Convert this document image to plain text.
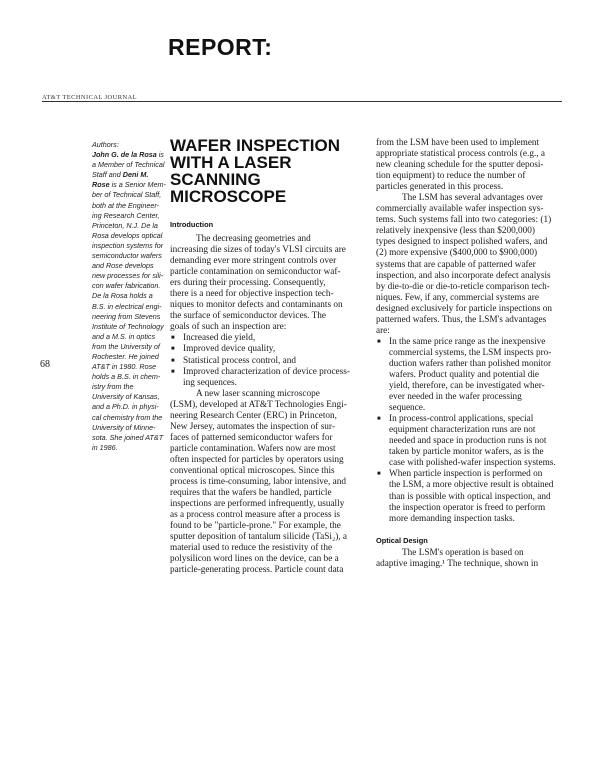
REPORT:
AT&T TECHNICAL JOURNAL
68
Authors:
John G. de la Rosa is
a Member of Technical
Staff and Deni M.
Rose is a Senior Mem-
ber of Technical Staff,
both at the Engineer-
ing Research Center,
Princeton, N.J. De la
Rosa develops optical
inspection systems for
semiconductor wafers
and Rose develops
new processes for sili-
con wafer fabrication.
De la Rosa holds a
B.S. in electrical engi-
neering from Stevens
Institute of Technology
and a M.S. in optics
from the University of
Rochester. He joined
AT&T in 1980. Rose
holds a B.S. in chem-
istry from the
University of Kansas,
and a Ph.D. in physi-
cal chemistry from the
University of Minne-
sota. She joined AT&T
in 1986.
WAFER INSPECTION
WITH A LASER
SCANNING
MICROSCOPE
Introduction
The decreasing geometries and
increasing die sizes of today's VLSI circuits are
demanding ever more stringent controls over
particle contamination on semiconductor waf-
ers during their processing. Consequently,
there is a need for objective inspection tech-
niques to monitor defects and contaminants on
the surface of semiconductor devices. The
goals of such an inspection are:
■ Increased die yield,
■ Improved device quality,
■ Statistical process control, and
■ Improved characterization of device process-
ing sequences.
A new laser scanning microscope
(LSM), developed at AT&T Technologies Engi-
neering Research Center (ERC) in Princeton,
New Jersey, automates the inspection of sur-
faces of patterned semiconductor wafers for
particle contamination. Wafers now are most
often inspected for particles by operators using
conventional optical microscopes. Since this
process is time-consuming, labor intensive, and
requires that the wafers be handled, particle
inspections are performed infrequently, usually
as a process control measure after a process is
found to be "particle-prone." For example, the
sputter deposition of tantalum silicide (TaSi₂), a
material used to reduce the resistivity of the
polysilicon word lines on the device, can be a
particle-generating process. Particle count data
from the LSM have been used to implement
appropriate statistical process controls (e.g., a
new cleaning schedule for the sputter deposi-
tion equipment) to reduce the number of
particles generated in this process.
The LSM has several advantages over
commercially available wafer inspection sys-
tems. Such systems fall into two categories: (1)
relatively inexpensive (less than $200,000)
types designed to inspect polished wafers, and
(2) more expensive ($400,000 to $900,000)
systems that are capable of patterned wafer
inspection, and also incorporate defect analysis
by die-to-die or die-to-reticle comparison tech-
niques. Few, if any, commercial systems are
designed exclusively for particle inspections on
patterned wafers. Thus, the LSM's advantages
are:
■ In the same price range as the inexpensive
commercial systems, the LSM inspects pro-
duction wafers rather than polished monitor
wafers. Product quality and potential die
yield, therefore, can be investigated wher-
ever needed in the wafer processing
sequence.
■ In process-control applications, special
equipment characterization runs are not
needed and space in production runs is not
taken by particle monitor wafers, as is the
case with polished-wafer inspection systems.
■ When particle inspection is performed on
the LSM, a more objective result is obtained
than is possible with optical inspection, and
the inspection operator is freed to perform
more demanding inspection tasks.
Optical Design
The LSM's operation is based on
adaptive imaging.¹ The technique, shown in
